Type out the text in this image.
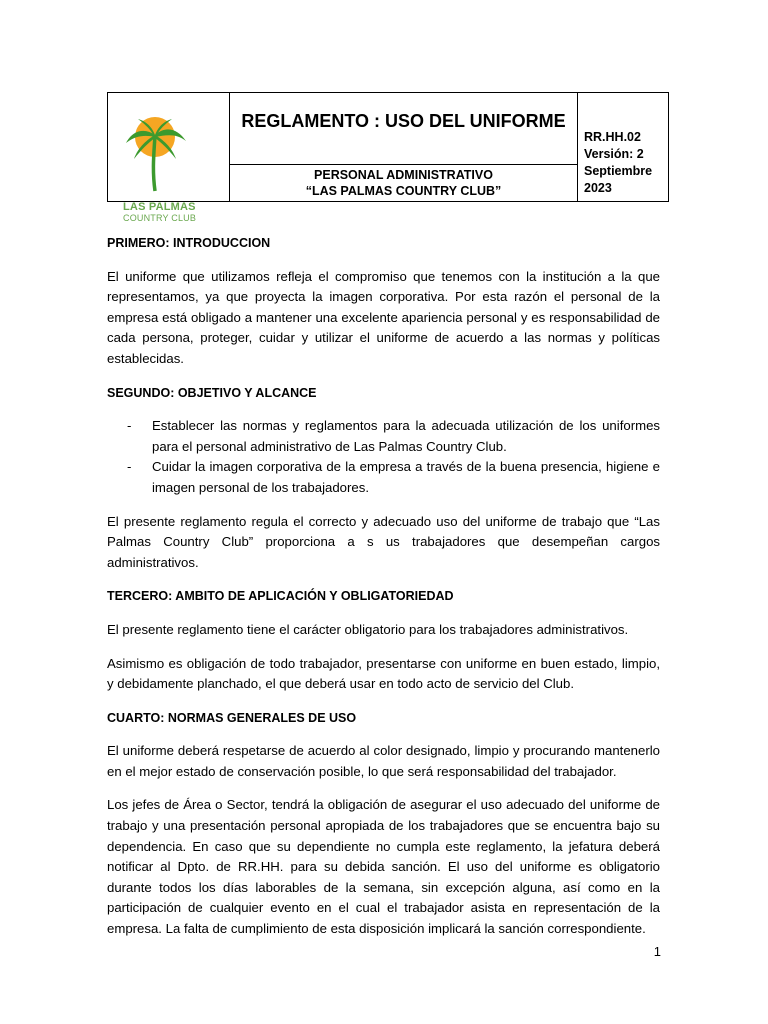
REGLAMENTO : USO DEL UNIFORME
PERSONAL ADMINISTRATIVO
“LAS PALMAS COUNTRY CLUB”
RR.HH.02
Versión: 2
Septiembre
2023
LAS PALMAS
COUNTRY CLUB

PRIMERO: INTRODUCCION

El uniforme que utilizamos refleja el compromiso que tenemos con la institución a la que representamos, ya que proyecta la imagen corporativa. Por esta razón el personal de la empresa está obligado a mantener una excelente apariencia personal y es responsabilidad de cada persona, proteger, cuidar y utilizar el uniforme de acuerdo a las normas y políticas establecidas.

SEGUNDO: OBJETIVO Y ALCANCE

- Establecer las normas y reglamentos para la adecuada utilización de los uniformes para el personal administrativo de Las Palmas Country Club.
- Cuidar la imagen corporativa de la empresa a través de la buena presencia, higiene e imagen personal de los trabajadores.

El presente reglamento regula el correcto y adecuado uso del uniforme de trabajo que “Las Palmas Country Club” proporciona a s us trabajadores que desempeñan cargos administrativos.

TERCERO: AMBITO DE APLICACIÓN Y OBLIGATORIEDAD

El presente reglamento tiene el carácter obligatorio para los trabajadores administrativos.

Asimismo es obligación de todo trabajador, presentarse con uniforme en buen estado, limpio, y debidamente planchado, el que deberá usar en todo acto de servicio del Club.

CUARTO: NORMAS GENERALES DE USO

El uniforme deberá respetarse de acuerdo al color designado, limpio y procurando mantenerlo en el mejor estado de conservación posible, lo que será responsabilidad del trabajador.

Los jefes de Área o Sector, tendrá la obligación de asegurar el uso adecuado del uniforme de trabajo y una presentación personal apropiada de los trabajadores que se encuentra bajo su dependencia. En caso que su dependiente no cumpla este reglamento, la jefatura deberá notificar al Dpto. de RR.HH. para su debida sanción. El uso del uniforme es obligatorio durante todos los días laborables de la semana, sin excepción alguna, así como en la participación de cualquier evento en el cual el trabajador asista en representación de la empresa. La falta de cumplimiento de esta disposición implicará la sanción correspondiente.

1
